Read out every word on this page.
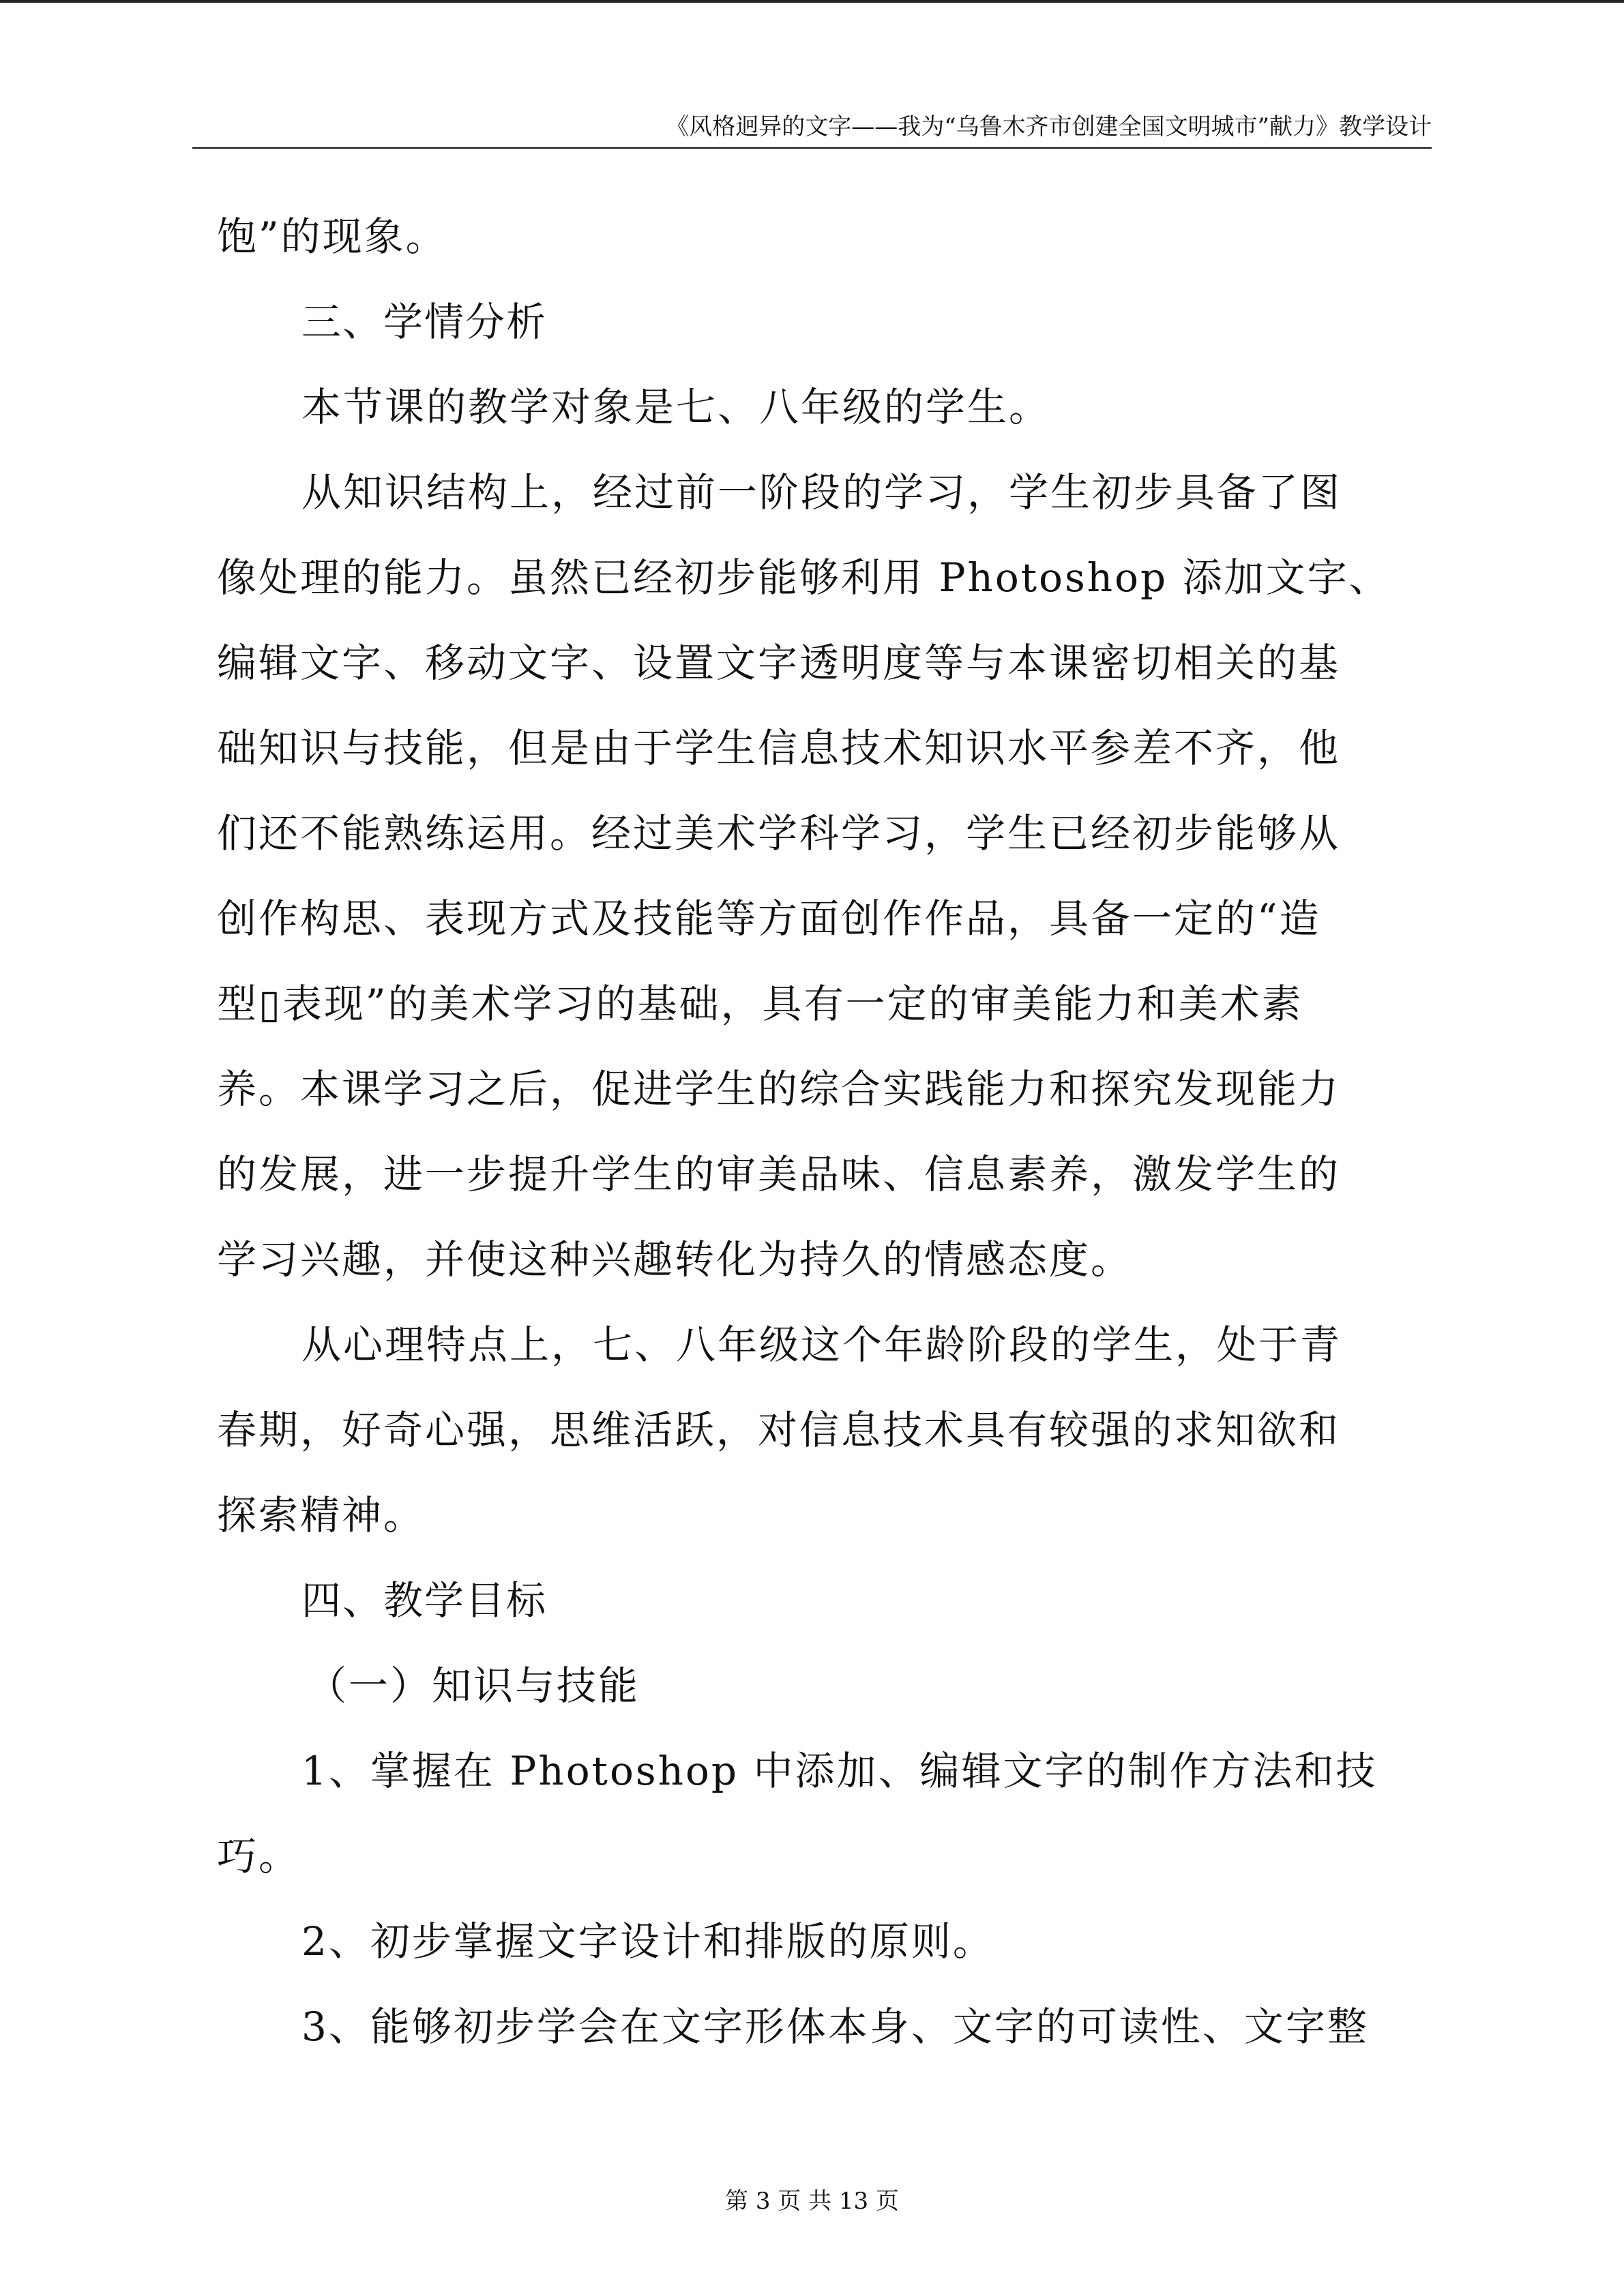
《风格迥异的文字——我为“乌鲁木齐市创建全国文明城市”献力》教学设计
饱”的现象。
三、学情分析
本节课的教学对象是七、八年级的学生。
从知识结构上，经过前一阶段的学习，学生初步具备了图
像处理的能力。虽然已经初步能够利用 Photoshop 添加文字、
编辑文字、移动文字、设置文字透明度等与本课密切相关的基
础知识与技能，但是由于学生信息技术知识水平参差不齐，他
们还不能熟练运用。经过美术学科学习，学生已经初步能够从
创作构思、表现方式及技能等方面创作作品，具备一定的“造
型▯表现”的美术学习的基础，具有一定的审美能力和美术素
养。本课学习之后，促进学生的综合实践能力和探究发现能力
的发展，进一步提升学生的审美品味、信息素养，激发学生的
学习兴趣，并使这种兴趣转化为持久的情感态度。
从心理特点上，七、八年级这个年龄阶段的学生，处于青
春期，好奇心强，思维活跃，对信息技术具有较强的求知欲和
探索精神。
四、教学目标
（一）知识与技能
1、掌握在 Photoshop 中添加、编辑文字的制作方法和技
巧。
2、初步掌握文字设计和排版的原则。
3、能够初步学会在文字形体本身、文字的可读性、文字整
第 3 页 共 13 页
